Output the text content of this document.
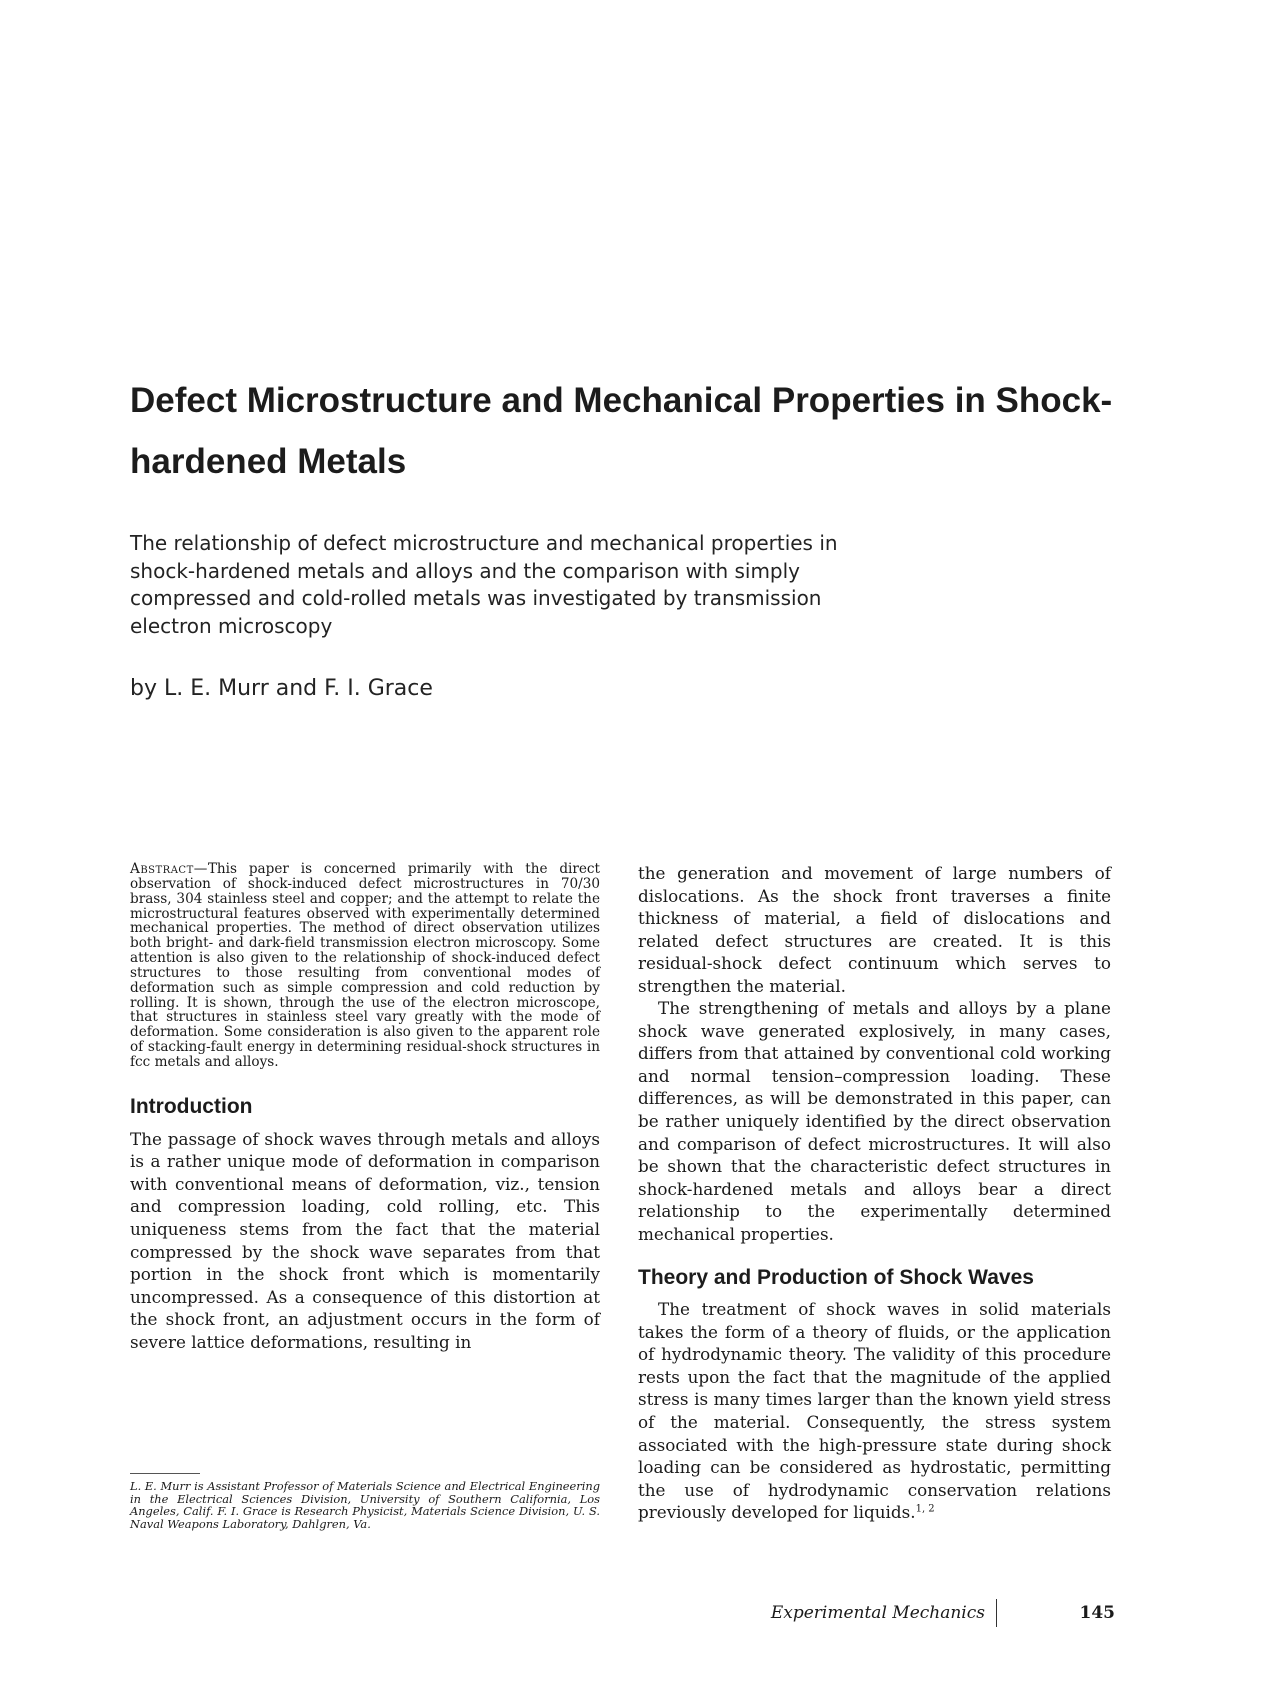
Defect Microstructure and Mechanical Properties in Shock-hardened Metals

The relationship of defect microstructure and mechanical properties in shock-hardened metals and alloys and the comparison with simply compressed and cold-rolled metals was investigated by transmission electron microscopy

by L. E. Murr and F. I. Grace

Abstract—This paper is concerned primarily with the direct observation of shock-induced defect microstructures in 70/30 brass, 304 stainless steel and copper; and the attempt to relate the microstructural features observed with experimentally determined mechanical properties. The method of direct observation utilizes both bright- and dark-field transmission electron microscopy. Some attention is also given to the relationship of shock-induced defect structures to those resulting from conventional modes of deformation such as simple compression and cold reduction by rolling. It is shown, through the use of the electron microscope, that structures in stainless steel vary greatly with the mode of deformation. Some consideration is also given to the apparent role of stacking-fault energy in determining residual-shock structures in fcc metals and alloys.

Introduction

The passage of shock waves through metals and alloys is a rather unique mode of deformation in comparison with conventional means of deformation, viz., tension and compression loading, cold rolling, etc. This uniqueness stems from the fact that the material compressed by the shock wave separates from that portion in the shock front which is momentarily uncompressed. As a consequence of this distortion at the shock front, an adjustment occurs in the form of severe lattice deformations, resulting in

L. E. Murr is Assistant Professor of Materials Science and Electrical Engineering in the Electrical Sciences Division, University of Southern California, Los Angeles, Calif. F. I. Grace is Research Physicist, Materials Science Division, U. S. Naval Weapons Laboratory, Dahlgren, Va.

the generation and movement of large numbers of dislocations. As the shock front traverses a finite thickness of material, a field of dislocations and related defect structures are created. It is this residual-shock defect continuum which serves to strengthen the material.

The strengthening of metals and alloys by a plane shock wave generated explosively, in many cases, differs from that attained by conventional cold working and normal tension–compression loading. These differences, as will be demonstrated in this paper, can be rather uniquely identified by the direct observation and comparison of defect microstructures. It will also be shown that the characteristic defect structures in shock-hardened metals and alloys bear a direct relationship to the experimentally determined mechanical properties.

Theory and Production of Shock Waves

The treatment of shock waves in solid materials takes the form of a theory of fluids, or the application of hydrodynamic theory. The validity of this procedure rests upon the fact that the magnitude of the applied stress is many times larger than the known yield stress of the material. Consequently, the stress system associated with the high-pressure state during shock loading can be considered as hydrostatic, permitting the use of hydrodynamic conservation relations previously developed for liquids.$^{1, 2}$

Experimental Mechanics	145
